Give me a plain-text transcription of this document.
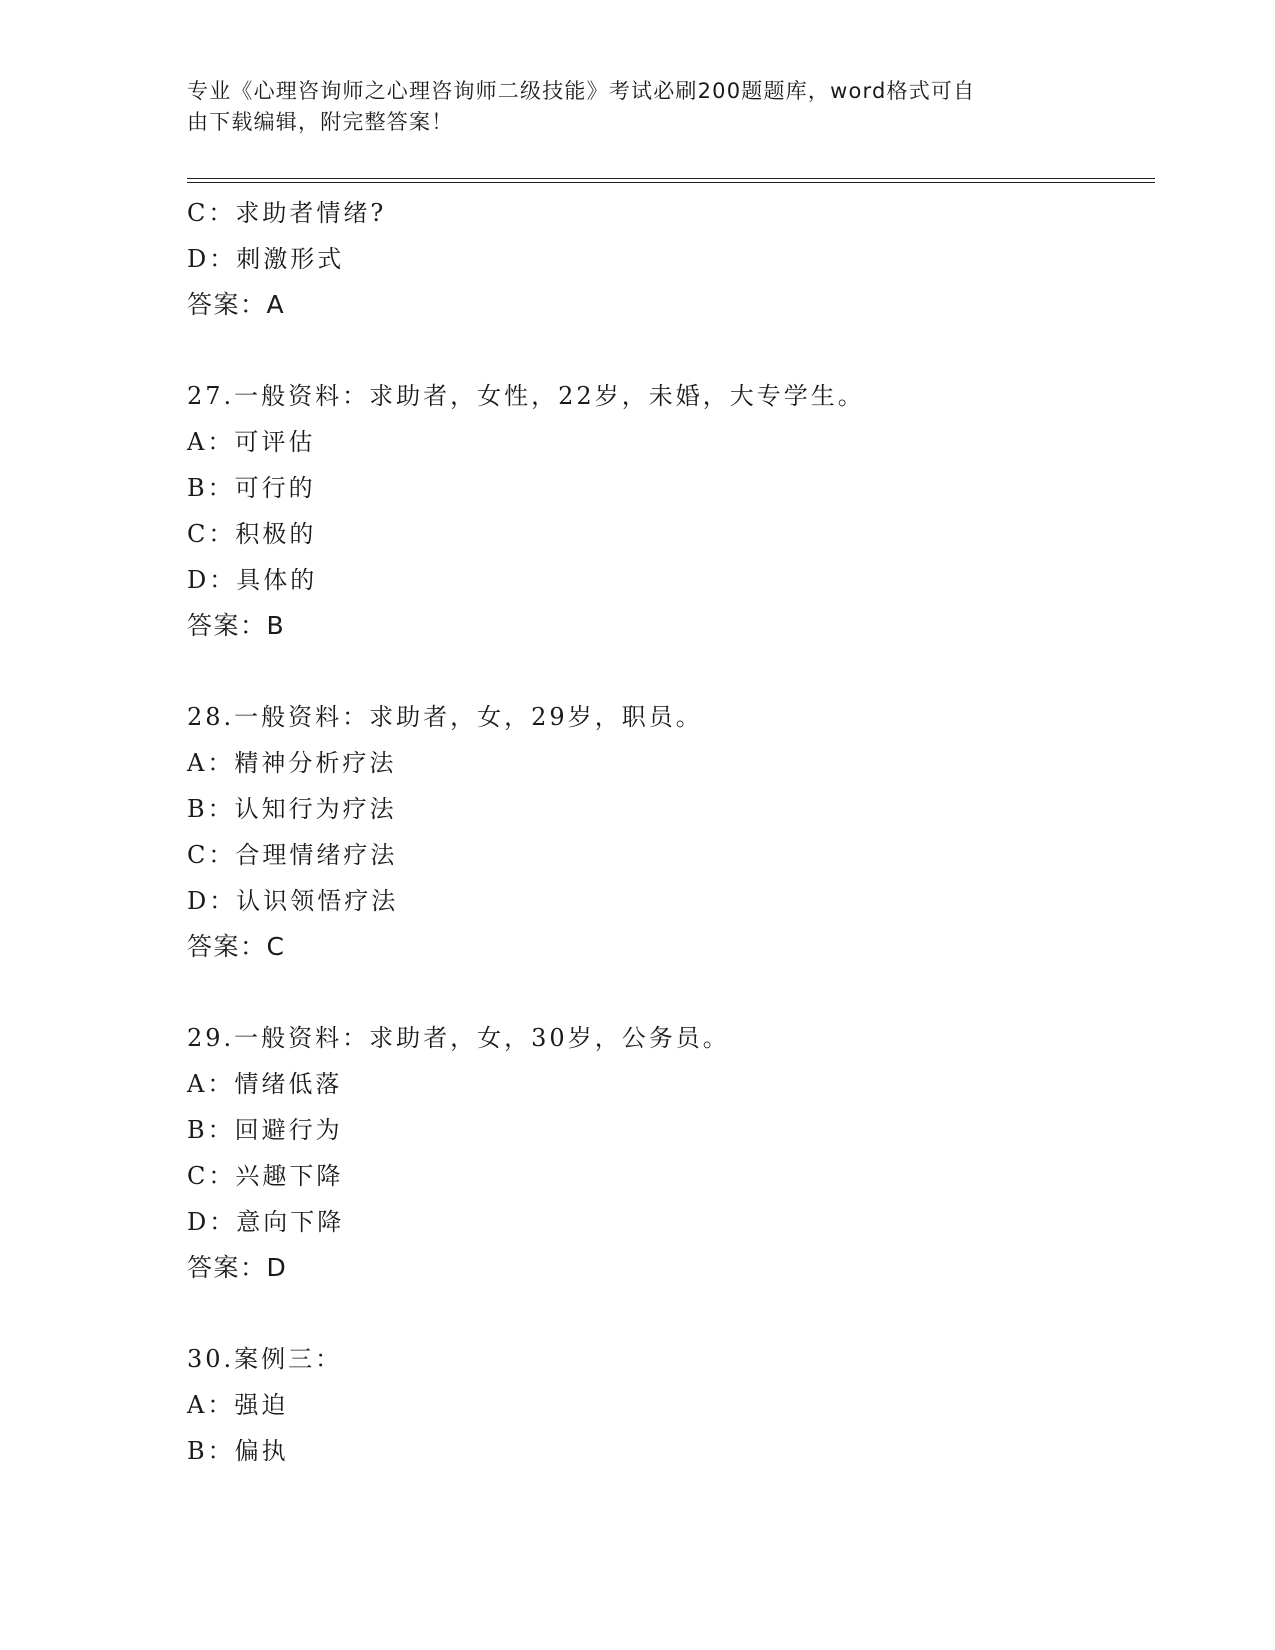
专业《心理咨询师之心理咨询师二级技能》考试必刷200题题库，word格式可自
由下载编辑，附完整答案！
C：求助者情绪?
D：刺激形式
答案：A
27.一般资料：求助者，女性，22岁，未婚，大专学生。
A：可评估
B：可行的
C：积极的
D：具体的
答案：B
28.一般资料：求助者，女，29岁，职员。
A：精神分析疗法
B：认知行为疗法
C：合理情绪疗法
D：认识领悟疗法
答案：C
29.一般资料：求助者，女，30岁，公务员。
A：情绪低落
B：回避行为
C：兴趣下降
D：意向下降
答案：D
30.案例三：
A：强迫
B：偏执
